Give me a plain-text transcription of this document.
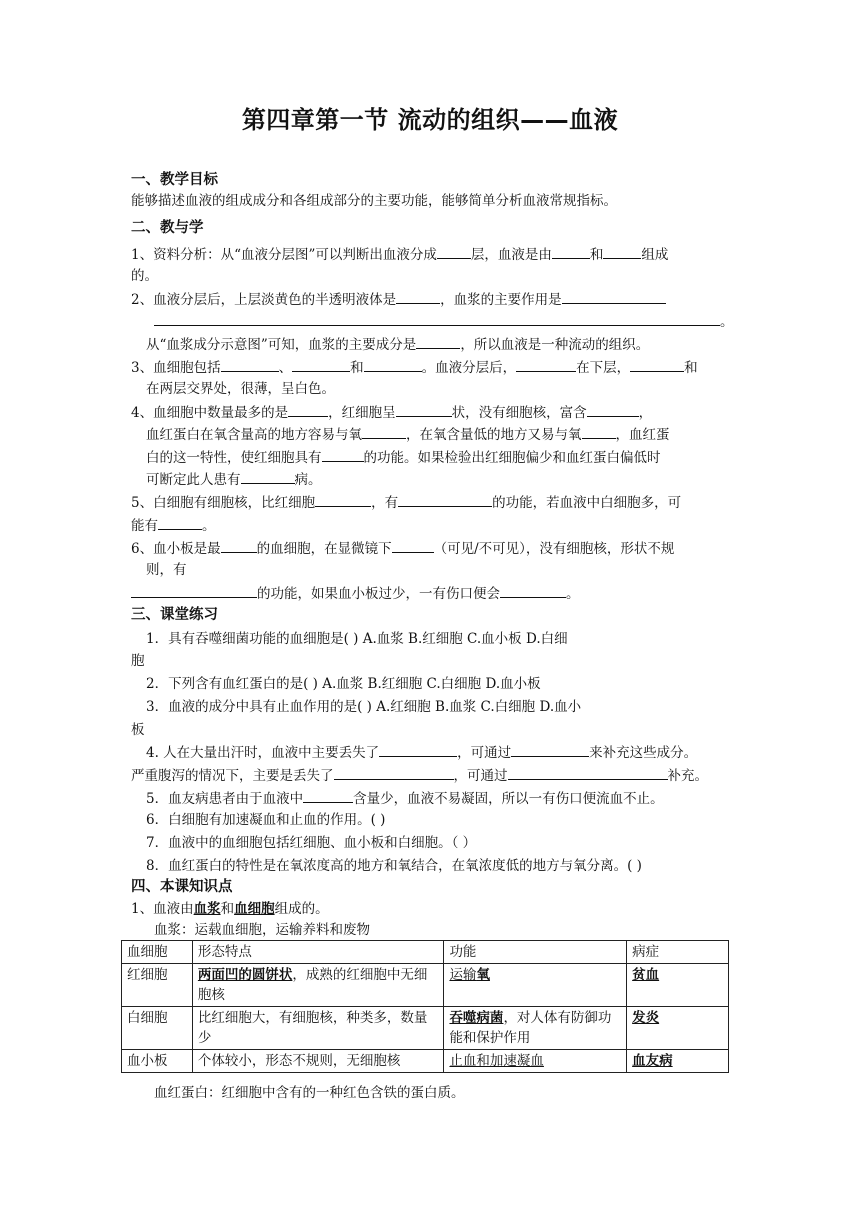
第四章第一节 流动的组织——血液
一、教学目标
能够描述血液的组成成分和各组成部分的主要功能，能够简单分析血液常规指标。
二、教与学
1、资料分析：从“血液分层图”可以判断出血液分成	层，血液是由	和	组成
的。
2、血液分层后，上层淡黄色的半透明液体是	，血浆的主要作用是
。
从“血浆成分示意图”可知，血浆的主要成分是	，所以血液是一种流动的组织。
3、血细胞包括	、	和	。血液分层后，	在下层，	和
在两层交界处，很薄，呈白色。
4、血细胞中数量最多的是	，红细胞呈	状，没有细胞核，富含	，
血红蛋白在氧含量高的地方容易与氧	，在氧含量低的地方又易与氧	，血红蛋
白的这一特性，使红细胞具有	的功能。如果检验出红细胞偏少和血红蛋白偏低时
可断定此人患有	病。
5、白细胞有细胞核，比红细胞	，有	的功能，若血液中白细胞多，可
能有	。
6、血小板是最	的血细胞，在显微镜下	（可见/不可见），没有细胞核，形状不规
则，有
的功能，如果血小板过少，一有伤口便会	。
三、课堂练习
1．具有吞噬细菌功能的血细胞是( ) A.血浆 B.红细胞 C.血小板 D.白细
胞
2．下列含有血红蛋白的是( ) A.血浆 B.红细胞 C.白细胞 D.血小板
3．血液的成分中具有止血作用的是( ) A.红细胞 B.血浆 C.白细胞 D.血小
板
4. 人在大量出汗时，血液中主要丢失了	，可通过	来补充这些成分。
严重腹泻的情况下，主要是丢失了	，可通过	补充。
5．血友病患者由于血液中	含量少，血液不易凝固，所以一有伤口便流血不止。
6．白细胞有加速凝血和止血的作用。( )
7．血液中的血细胞包括红细胞、血小板和白细胞。（ ）
8．血红蛋白的特性是在氧浓度高的地方和氧结合，在氧浓度低的地方与氧分离。( )
四、本课知识点
1、血液由血浆和血细胞组成的。
血浆：运载血细胞，运输养料和废物
血细胞	形态特点	功能	病症
红细胞	两面凹的圆饼状，成熟的红细胞中无细胞核	运输氧	贫血
白细胞	比红细胞大，有细胞核，种类多，数量少	吞噬病菌，对人体有防御功能和保护作用	发炎
血小板	个体较小，形态不规则，无细胞核	止血和加速凝血	血友病
血红蛋白：红细胞中含有的一种红色含铁的蛋白质。
